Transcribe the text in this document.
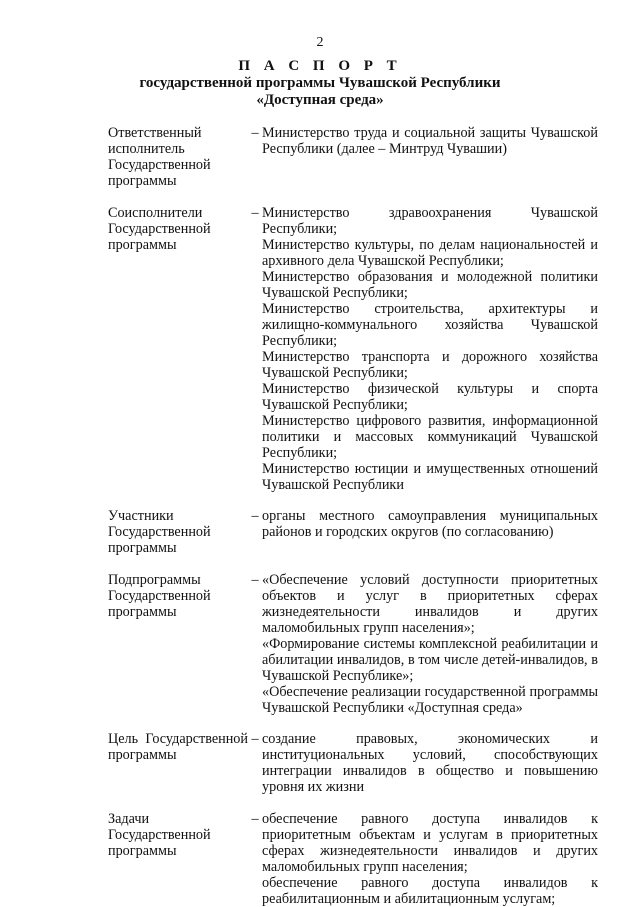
2
П А С П О Р Т
государственной программы Чувашской Республики
«Доступная среда»
Ответственный исполнитель Государственной программы
– Министерство труда и социальной защиты Чувашской Республики (далее – Минтруд Чувашии)

Соисполнители Государственной программы
– Министерство здравоохранения Чувашской Республики;

Министерство культуры, по делам национальностей и архивного дела Чувашской Республики;

Министерство образования и молодежной политики Чувашской Республики;

Министерство строительства, архитектуры и жилищно-коммунального хозяйства Чувашской Республики;

Министерство транспорта и дорожного хозяйства Чувашской Республики;

Министерство физической культуры и спорта Чувашской Республики;

Министерство цифрового развития, информационной политики и массовых коммуникаций Чувашской Республики;

Министерство юстиции и имущественных отношений Чувашской Республики

Участники Государственной программы
– органы местного самоуправления муниципальных районов и городских округов (по согласованию)

Подпрограммы Государственной программы
– «Обеспечение условий доступности приоритетных объектов и услуг в приоритетных сферах жизнедеятельности инвалидов и других маломобильных групп населения»;

«Формирование системы комплексной реабилитации и абилитации инвалидов, в том числе детей-инвалидов, в Чувашской Республике»;

«Обеспечение реализации государственной программы Чувашской Республики «Доступная среда»

Цель Государственной программы
– создание правовых, экономических и институциональных условий, способствующих интеграции инвалидов в общество и повышению уровня их жизни

Задачи Государственной программы
– обеспечение равного доступа инвалидов к приоритетным объектам и услугам в приоритетных сферах жизнедеятельности инвалидов и других маломобильных групп населения;

обеспечение равного доступа инвалидов к реабилитационным и абилитационным услугам;
